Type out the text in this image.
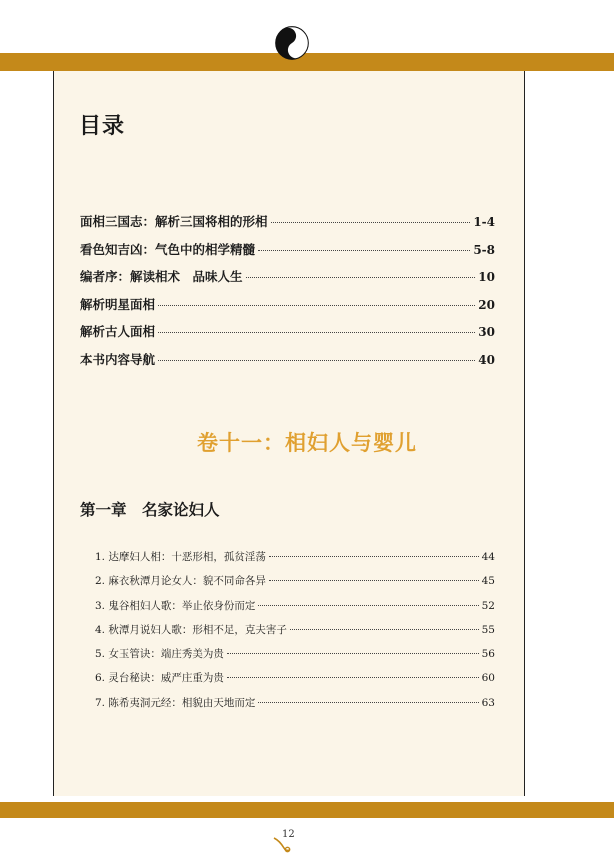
目录
面相三国志：解析三国将相的形相	1-4
看色知吉凶：气色中的相学精髓	5-8
编者序：解读相术　品味人生	10
解析明星面相	20
解析古人面相	30
本书内容导航	40
卷十一：相妇人与婴儿
第一章　名家论妇人
1. 达摩妇人相：十恶形相，孤贫淫荡	44
2. 麻衣秋潭月论女人：貌不同命各异	45
3. 鬼谷相妇人歌：举止依身份而定	52
4. 秋潭月说妇人歌：形相不足，克夫害子	55
5. 女玉管诀：端庄秀美为贵	56
6. 灵台秘诀：威严庄重为贵	60
7. 陈希夷洞元经：相貌由天地而定	63
12
